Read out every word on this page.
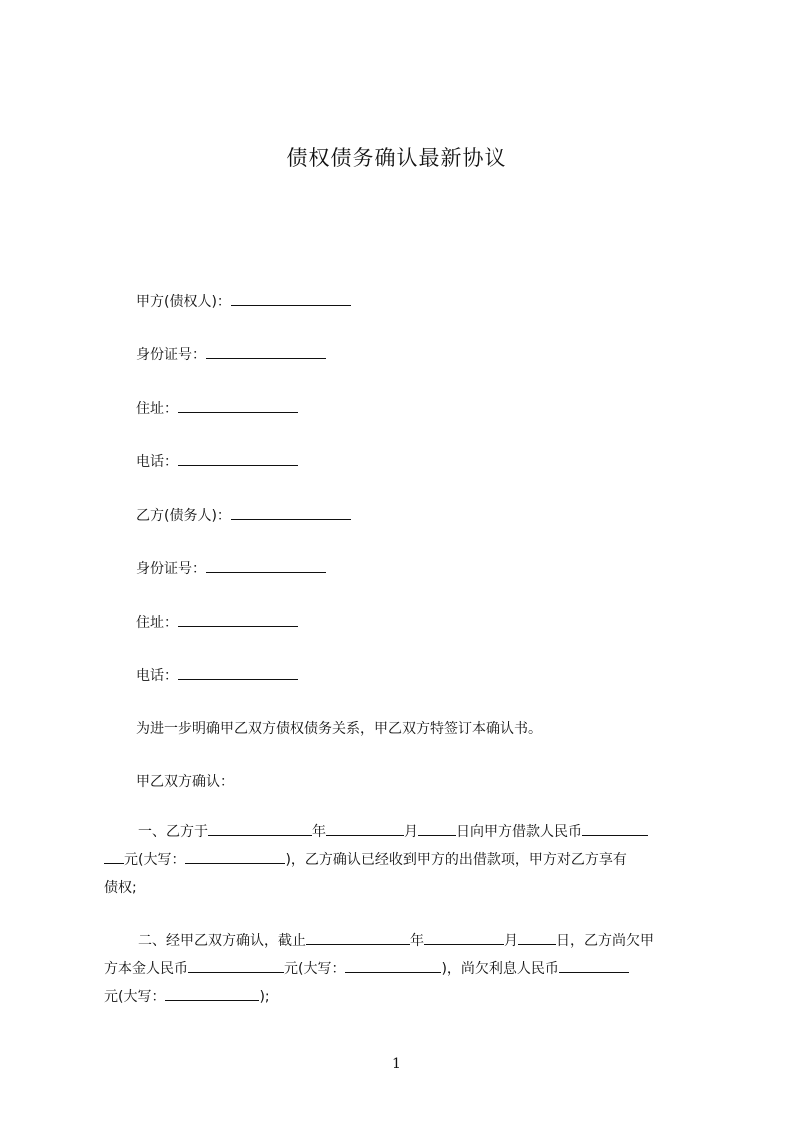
债权债务确认最新协议
甲方(债权人)：
身份证号：
住址：
电话：
乙方(债务人)：
身份证号：
住址：
电话：
为进一步明确甲乙双方债权债务关系，甲乙双方特签订本确认书。
甲乙双方确认：
一、乙方于	年	月	日向甲方借款人民币
元(大写：	)，乙方确认已经收到甲方的出借款项，甲方对乙方享有
债权;
二、经甲乙双方确认，截止	年	月	日，乙方尚欠甲
方本金人民币	元(大写：	)，尚欠利息人民币
元(大写：	);
1
